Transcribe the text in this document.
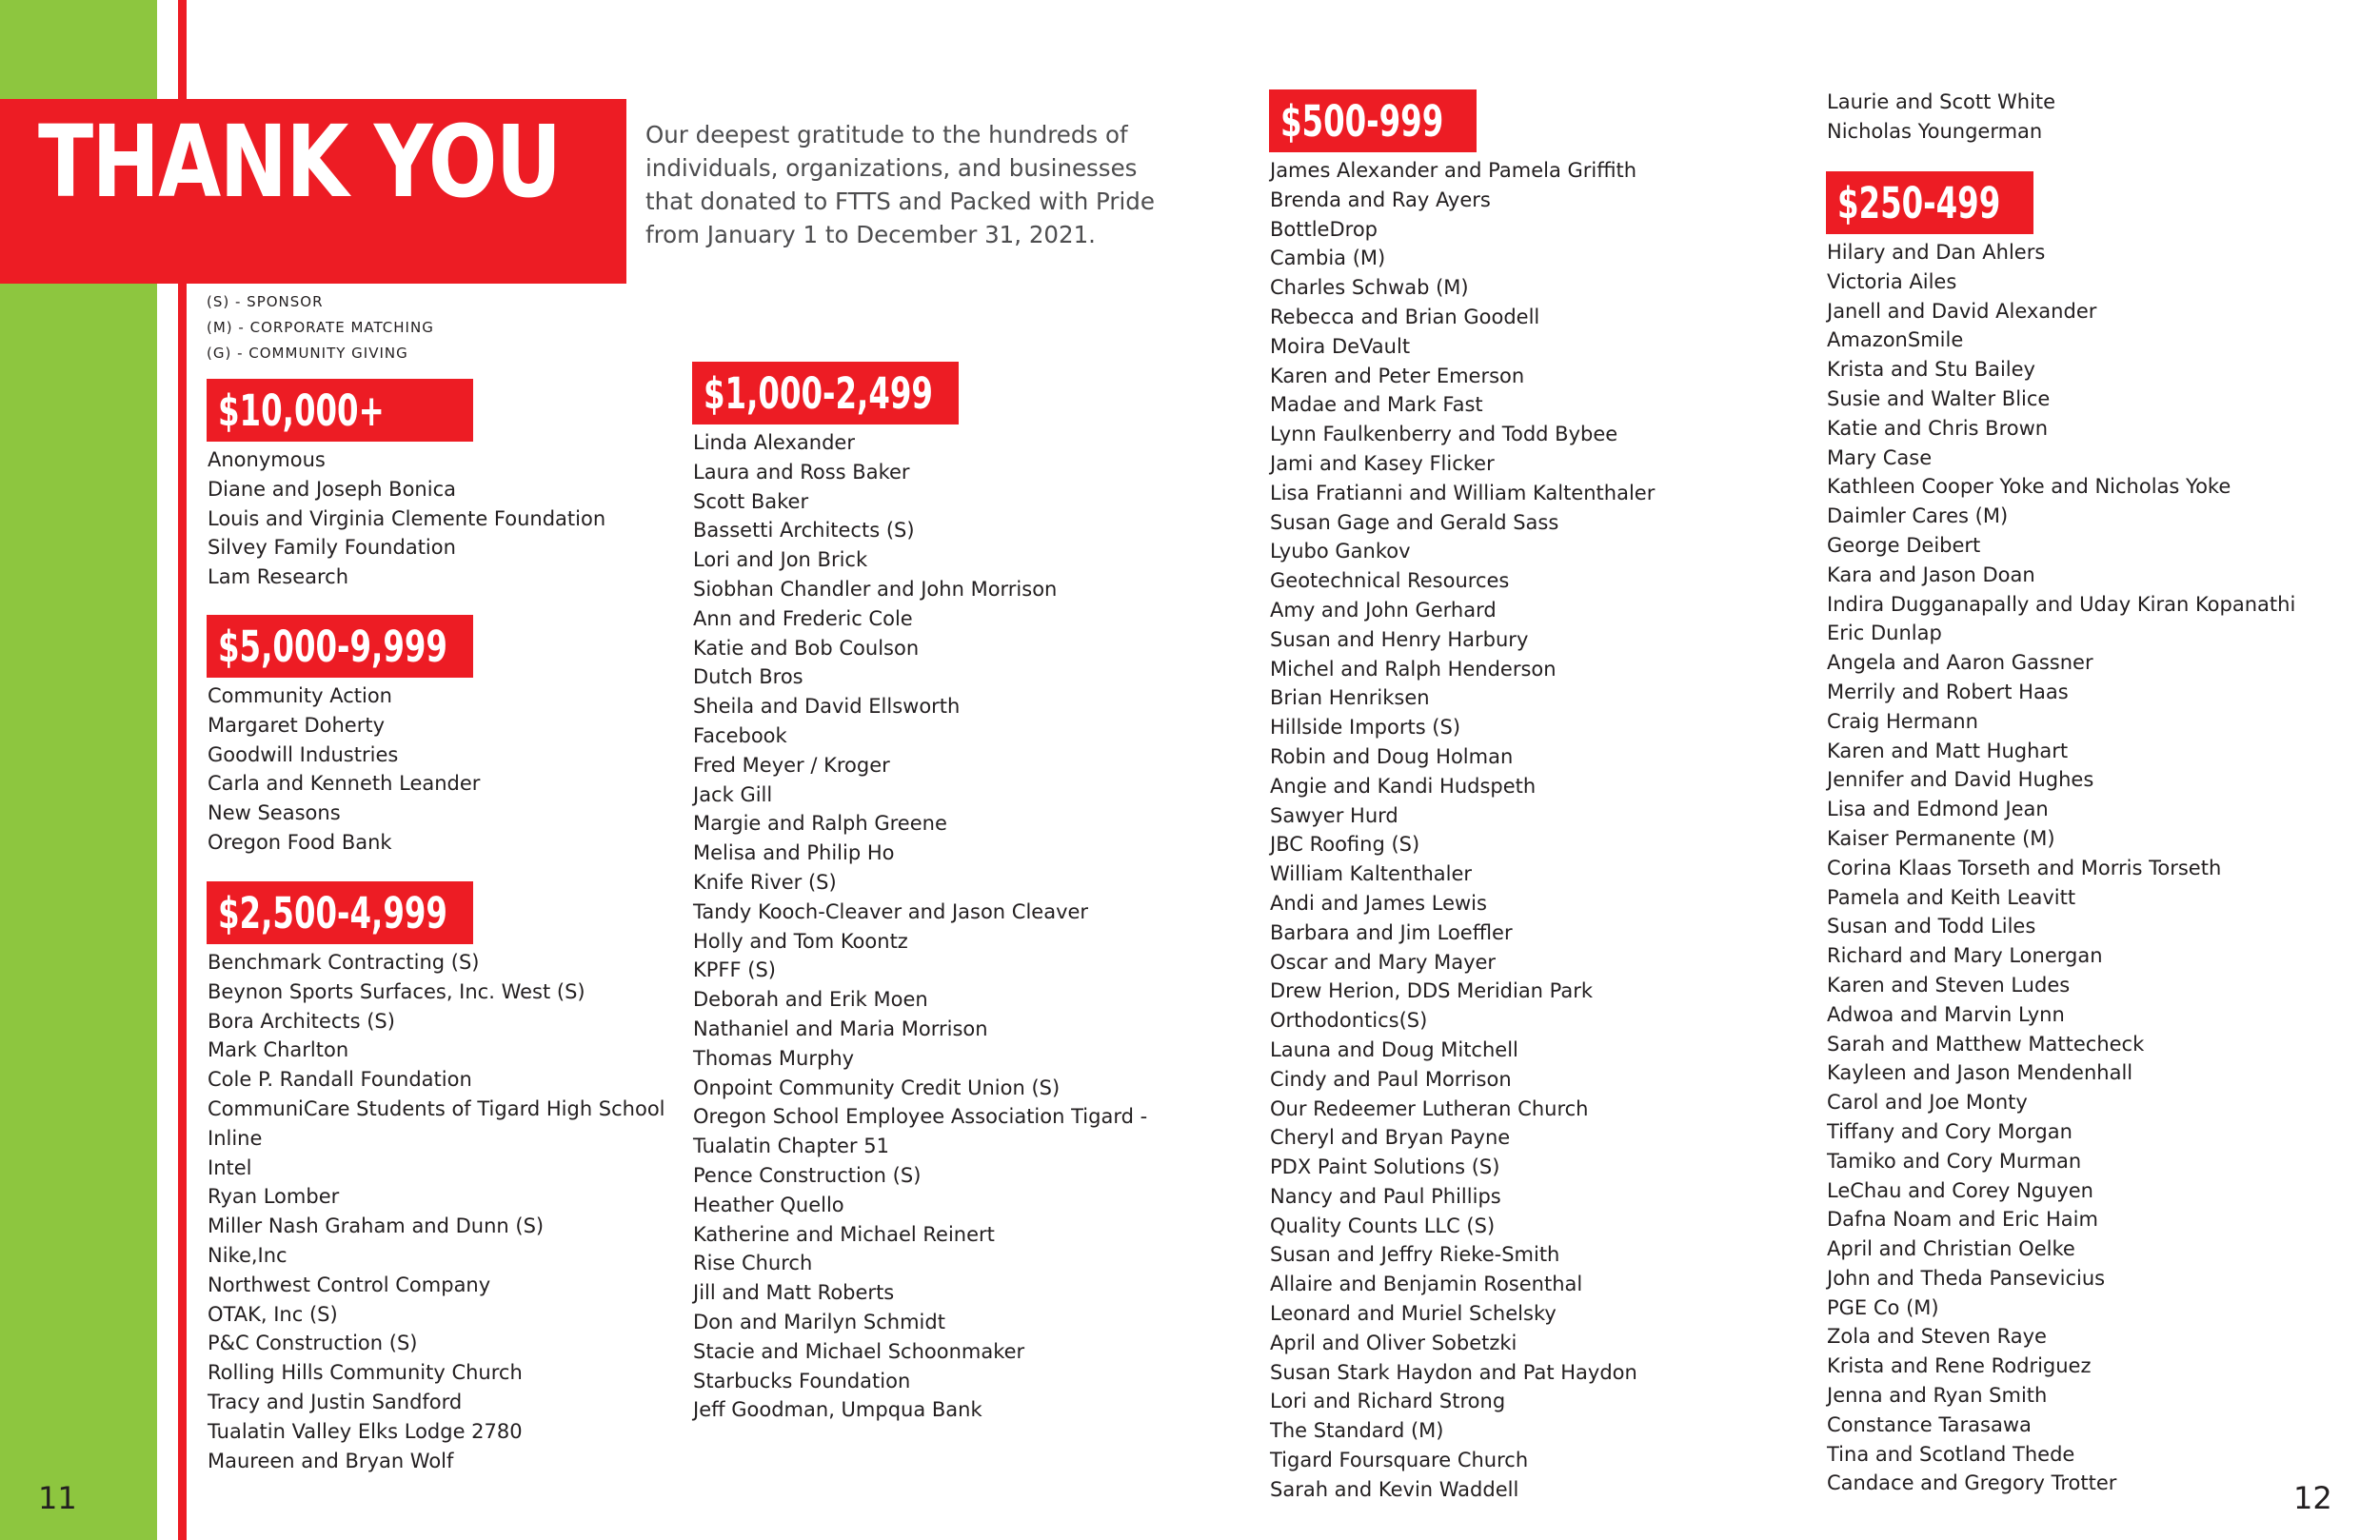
THANK YOU	Our deepest gratitude to the hundreds of individuals, organizations, and businesses that donated to FTTS and Packed with Pride from January 1 to December 31, 2021.
(S) - SPONSOR
(M) - CORPORATE MATCHING
(G) - COMMUNITY GIVING
$10,000+
Anonymous
Diane and Joseph Bonica
Louis and Virginia Clemente Foundation
Silvey Family Foundation
Lam Research
$5,000-9,999
Community Action
Margaret Doherty
Goodwill Industries
Carla and Kenneth Leander
New Seasons
Oregon Food Bank
$2,500-4,999
Benchmark Contracting (S)
Beynon Sports Surfaces, Inc. West (S)
Bora Architects (S)
Mark Charlton
Cole P. Randall Foundation
CommuniCare Students of Tigard High School
Inline
Intel
Ryan Lomber
Miller Nash Graham and Dunn (S)
Nike,Inc
Northwest Control Company
OTAK, Inc (S)
P&C Construction (S)
Rolling Hills Community Church
Tracy and Justin Sandford
Tualatin Valley Elks Lodge 2780
Maureen and Bryan Wolf
$1,000-2,499
Linda Alexander
Laura and Ross Baker
Scott Baker
Bassetti Architects (S)
Lori and Jon Brick
Siobhan Chandler and John Morrison
Ann and Frederic Cole
Katie and Bob Coulson
Dutch Bros
Sheila and David Ellsworth
Facebook
Fred Meyer / Kroger
Jack Gill
Margie and Ralph Greene
Melisa and Philip Ho
Knife River (S)
Tandy Kooch-Cleaver and Jason Cleaver
Holly and Tom Koontz
KPFF (S)
Deborah and Erik Moen
Nathaniel and Maria Morrison
Thomas Murphy
Onpoint Community Credit Union (S)
Oregon School Employee Association Tigard -
Tualatin Chapter 51
Pence Construction (S)
Heather Quello
Katherine and Michael Reinert
Rise Church
Jill and Matt Roberts
Don and Marilyn Schmidt
Stacie and Michael Schoonmaker
Starbucks Foundation
Jeff Goodman, Umpqua Bank
$500-999
James Alexander and Pamela Griffith
Brenda and Ray Ayers
BottleDrop
Cambia (M)
Charles Schwab (M)
Rebecca and Brian Goodell
Moira DeVault
Karen and Peter Emerson
Madae and Mark Fast
Lynn Faulkenberry and Todd Bybee
Jami and Kasey Flicker
Lisa Fratianni and William Kaltenthaler
Susan Gage and Gerald Sass
Lyubo Gankov
Geotechnical Resources
Amy and John Gerhard
Susan and Henry Harbury
Michel and Ralph Henderson
Brian Henriksen
Hillside Imports (S)
Robin and Doug Holman
Angie and Kandi Hudspeth
Sawyer Hurd
JBC Roofing (S)
William Kaltenthaler
Andi and James Lewis
Barbara and Jim Loeffler
Oscar and Mary Mayer
Drew Herion, DDS Meridian Park
Orthodontics(S)
Launa and Doug Mitchell
Cindy and Paul Morrison
Our Redeemer Lutheran Church
Cheryl and Bryan Payne
PDX Paint Solutions (S)
Nancy and Paul Phillips
Quality Counts LLC (S)
Susan and Jeffry Rieke-Smith
Allaire and Benjamin Rosenthal
Leonard and Muriel Schelsky
April and Oliver Sobetzki
Susan Stark Haydon and Pat Haydon
Lori and Richard Strong
The Standard (M)
Tigard Foursquare Church
Sarah and Kevin Waddell
Laurie and Scott White
Nicholas Youngerman
$250-499
Hilary and Dan Ahlers
Victoria Ailes
Janell and David Alexander
AmazonSmile
Krista and Stu Bailey
Susie and Walter Blice
Katie and Chris Brown
Mary Case
Kathleen Cooper Yoke and Nicholas Yoke
Daimler Cares (M)
George Deibert
Kara and Jason Doan
Indira Dugganapally and Uday Kiran Kopanathi
Eric Dunlap
Angela and Aaron Gassner
Merrily and Robert Haas
Craig Hermann
Karen and Matt Hughart
Jennifer and David Hughes
Lisa and Edmond Jean
Kaiser Permanente (M)
Corina Klaas Torseth and Morris Torseth
Pamela and Keith Leavitt
Susan and Todd Liles
Richard and Mary Lonergan
Karen and Steven Ludes
Adwoa and Marvin Lynn
Sarah and Matthew Mattecheck
Kayleen and Jason Mendenhall
Carol and Joe Monty
Tiffany and Cory Morgan
Tamiko and Cory Murman
LeChau and Corey Nguyen
Dafna Noam and Eric Haim
April and Christian Oelke
John and Theda Pansevicius
PGE Co (M)
Zola and Steven Raye
Krista and Rene Rodriguez
Jenna and Ryan Smith
Constance Tarasawa
Tina and Scotland Thede
Candace and Gregory Trotter
11	12
